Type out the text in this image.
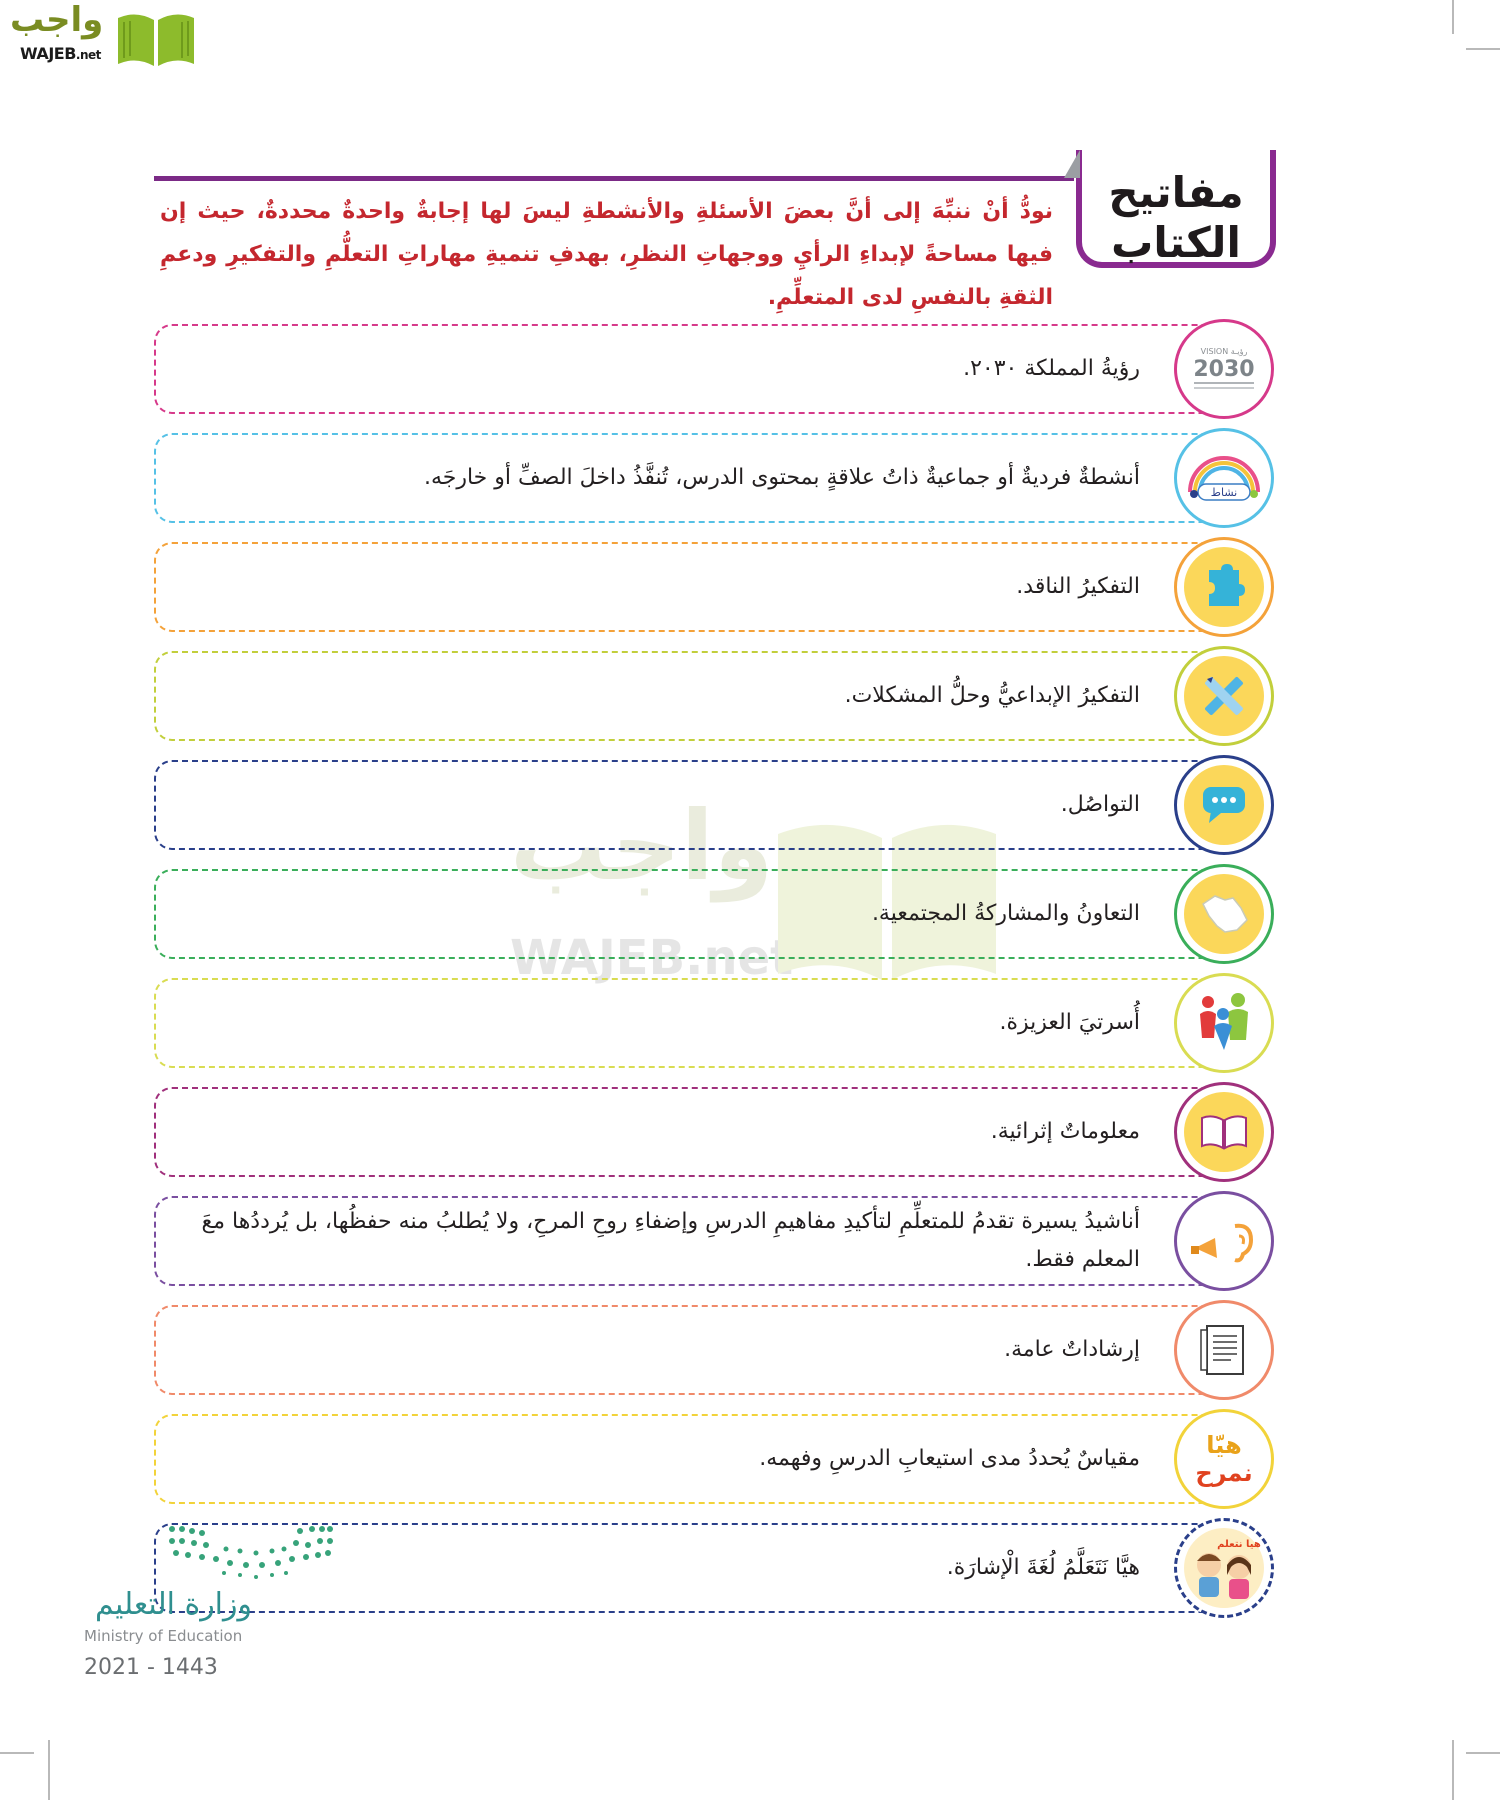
واجب
WAJEB.net
مفاتيح
الكتاب
نودُّ أنْ ننبِّهَ إلى أنَّ بعضَ الأسئلةِ والأنشطةِ ليسَ لها إجابةٌ واحدةٌ محددةٌ، حيث إن فيها مساحةً لإبداءِ الرأيِ ووجهاتِ النظرِ، بهدفِ تنميةِ مهاراتِ التعلُّمِ والتفكيرِ ودعمِ الثقةِ بالنفسِ لدى المتعلِّمِ.
واجب
WAJEB.net
VISION رؤيـة
2030
رؤيةُ المملكة ٢٠٣٠.
نشاط
أنشطةٌ فرديةٌ أو جماعيةٌ ذاتُ علاقةٍ بمحتوى الدرس، تُنفَّذُ داخلَ الصفِّ أو خارجَه.
التفكيرُ الناقد.
التفكيرُ الإبداعيُّ وحلُّ المشكلات.
التواصُل.
التعاونُ والمشاركةُ المجتمعية.
أُسرتيَ العزيزة.
معلوماتٌ إثرائية.
أناشيدُ يسيرة تقدمُ للمتعلِّمِ لتأكيدِ مفاهيمِ الدرسِ وإضفاءِ روحِ المرحِ، ولا يُطلبُ منه حفظُها، بل يُرددُها معَ المعلم فقط.
إرشاداتٌ عامة.
هيّا
نمرح
مقياسٌ يُحددُ مدى استيعابِ الدرسِ وفهمه.
هيا نتعلم
هيَّا نَتَعَلَّمُ لُغَةَ الْإشارَة.
وزارة التعليم
Ministry of Education
2021 - 1443
